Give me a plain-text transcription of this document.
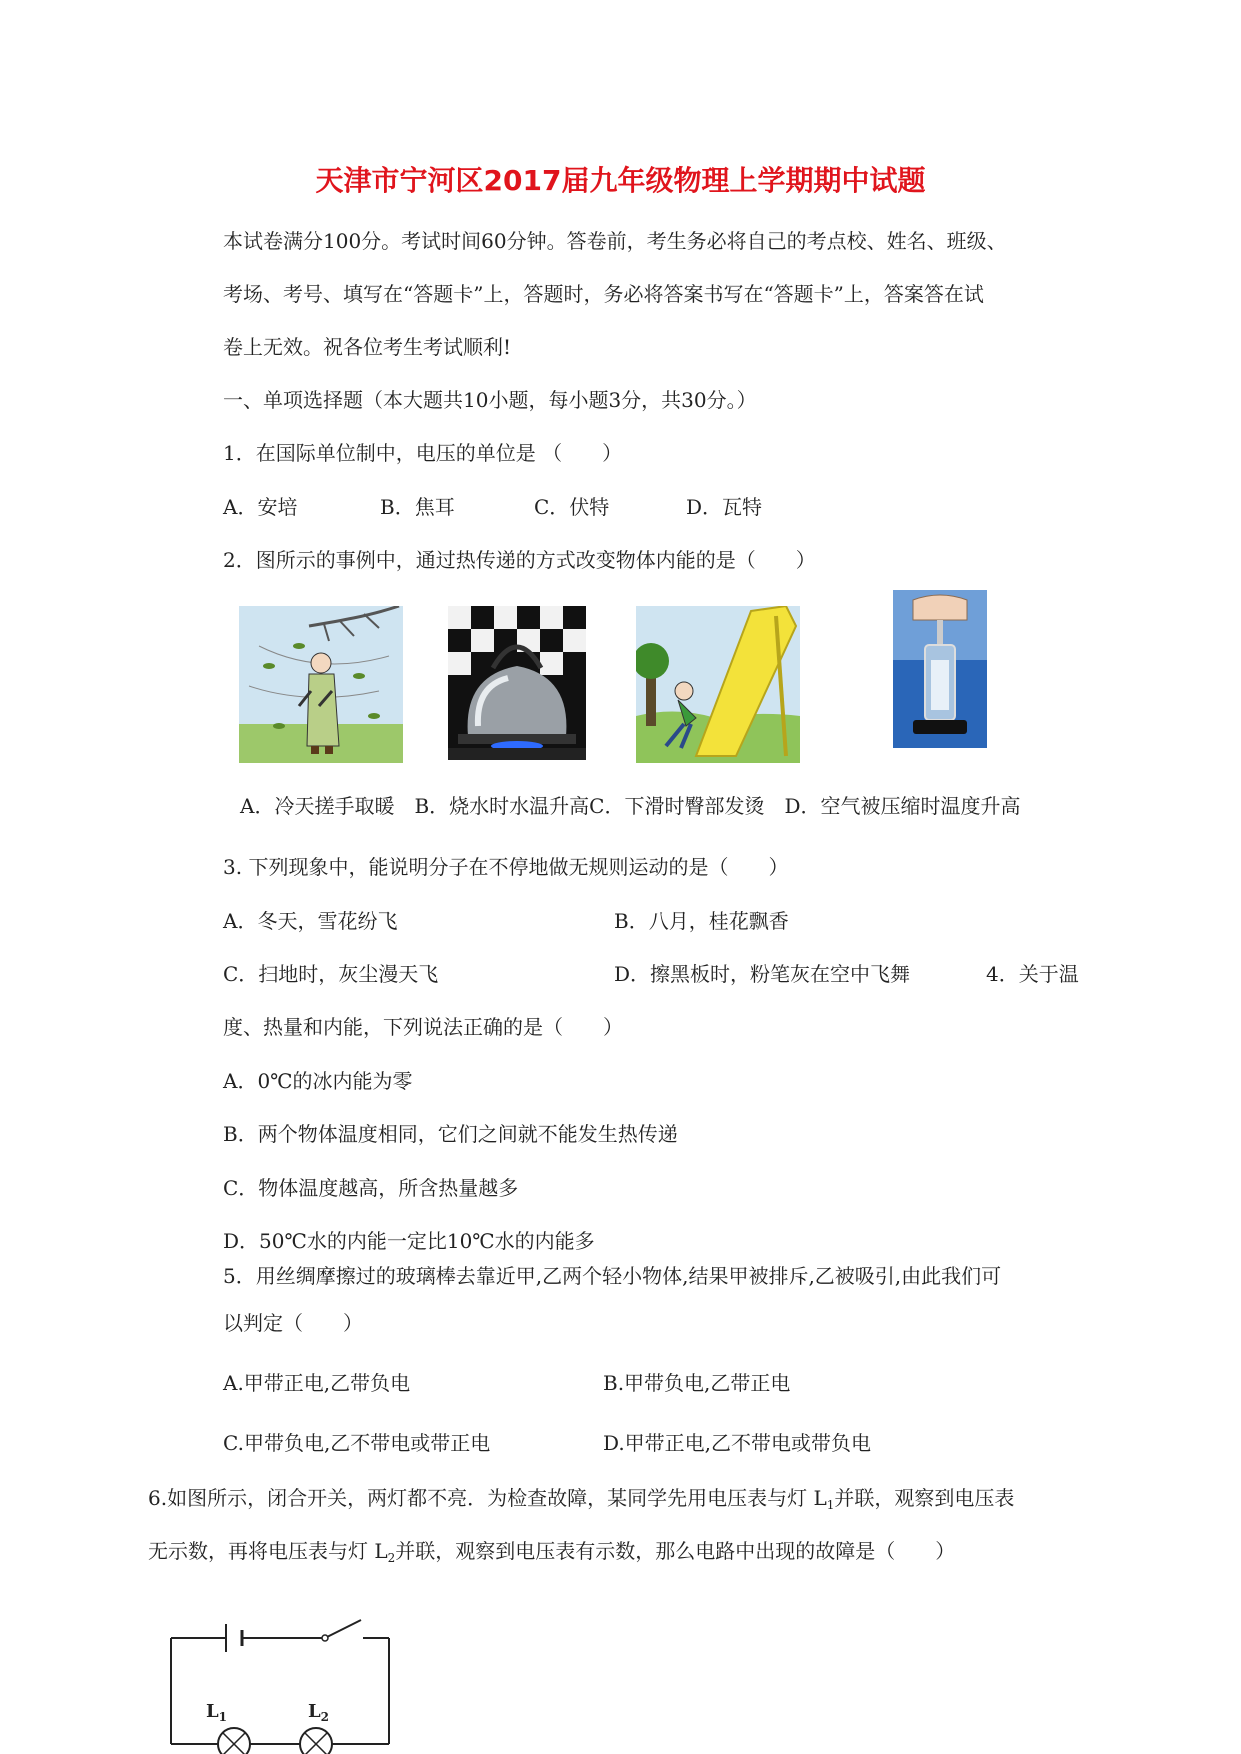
天津市宁河区2017届九年级物理上学期期中试题
本试卷满分100分。考试时间60分钟。答卷前，考生务必将自己的考点校、姓名、班级、
考场、考号、填写在“答题卡”上，答题时，务必将答案书写在“答题卡”上，答案答在试
卷上无效。祝各位考生考试顺利!
一、单项选择题（本大题共10小题，每小题3分，共30分。）
1．在国际单位制中，电压的单位是 （　　）
A．安培	B．焦耳	C．伏特	D．瓦特
2．图所示的事例中，通过热传递的方式改变物体内能的是（　　）
A．冷天搓手取暖　B．烧水时水温升高C．下滑时臀部发烫　D．空气被压缩时温度升高
3. 下列现象中，能说明分子在不停地做无规则运动的是（　　）
A．冬天，雪花纷飞	B．八月，桂花飘香
C．扫地时，灰尘漫天飞	D．擦黑板时，粉笔灰在空中飞舞	4．关于温
度、热量和内能，下列说法正确的是（　　）
A．0℃的冰内能为零
B．两个物体温度相同，它们之间就不能发生热传递
C．物体温度越高，所含热量越多
D．50℃水的内能一定比10℃水的内能多
5．用丝绸摩擦过的玻璃棒去靠近甲,乙两个轻小物体,结果甲被排斥,乙被吸引,由此我们可
以判定（　　）
A.甲带正电,乙带负电	B.甲带负电,乙带正电
C.甲带负电,乙不带电或带正电	D.甲带正电,乙不带电或带负电
6.如图所示，闭合开关，两灯都不亮．为检查故障，某同学先用电压表与灯 $L_1$并联，观察到电压表
无示数，再将电压表与灯 $L_2$并联，观察到电压表有示数，那么电路中出现的故障是（　　）
$L_1$	$L_2$
